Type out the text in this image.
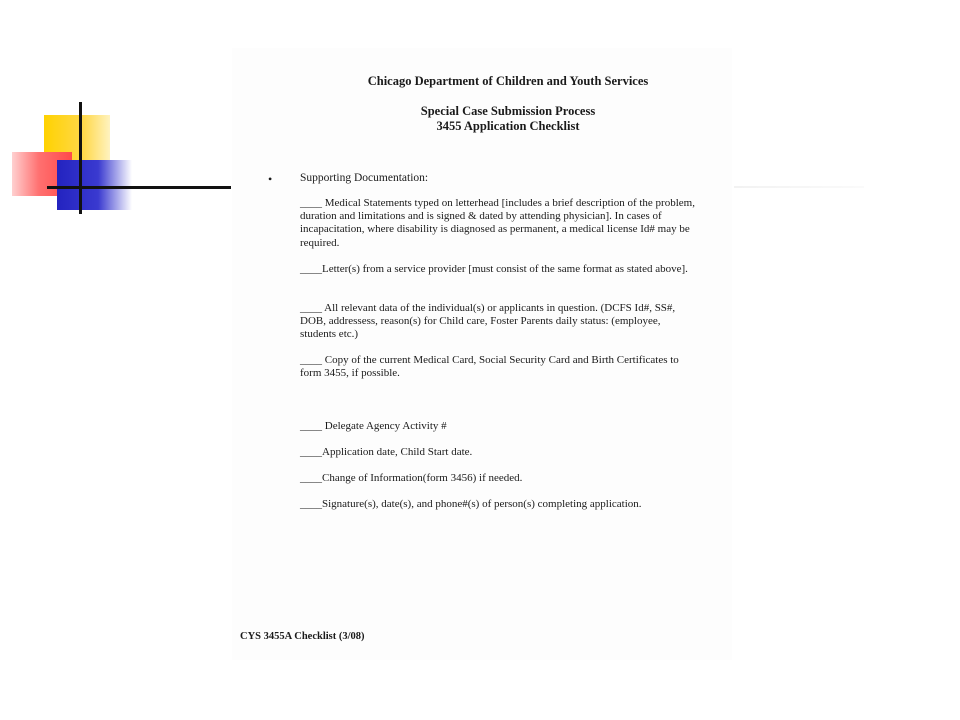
Chicago Department of Children and Youth Services
Special Case Submission Process
3455 Application Checklist
• Supporting Documentation:

____ Medical Statements typed on letterhead [includes a brief description of the problem, duration and limitations and is signed & dated by attending physician]. In cases of incapacitation, where disability is diagnosed as permanent, a medical license Id# may be required.

____Letter(s) from a service provider [must consist of the same format as stated above].

____ All relevant data of the individual(s) or applicants in question. (DCFS Id#, SS#, DOB, addressess, reason(s) for Child care, Foster Parents daily status: (employee, students etc.)

____ Copy of the current Medical Card, Social Security Card and Birth Certificates to form 3455, if possible.

____ Delegate Agency Activity #

____Application date, Child Start date.

____Change of Information(form 3456) if needed.

____Signature(s), date(s), and phone#(s) of person(s) completing application.

CYS 3455A Checklist (3/08)
